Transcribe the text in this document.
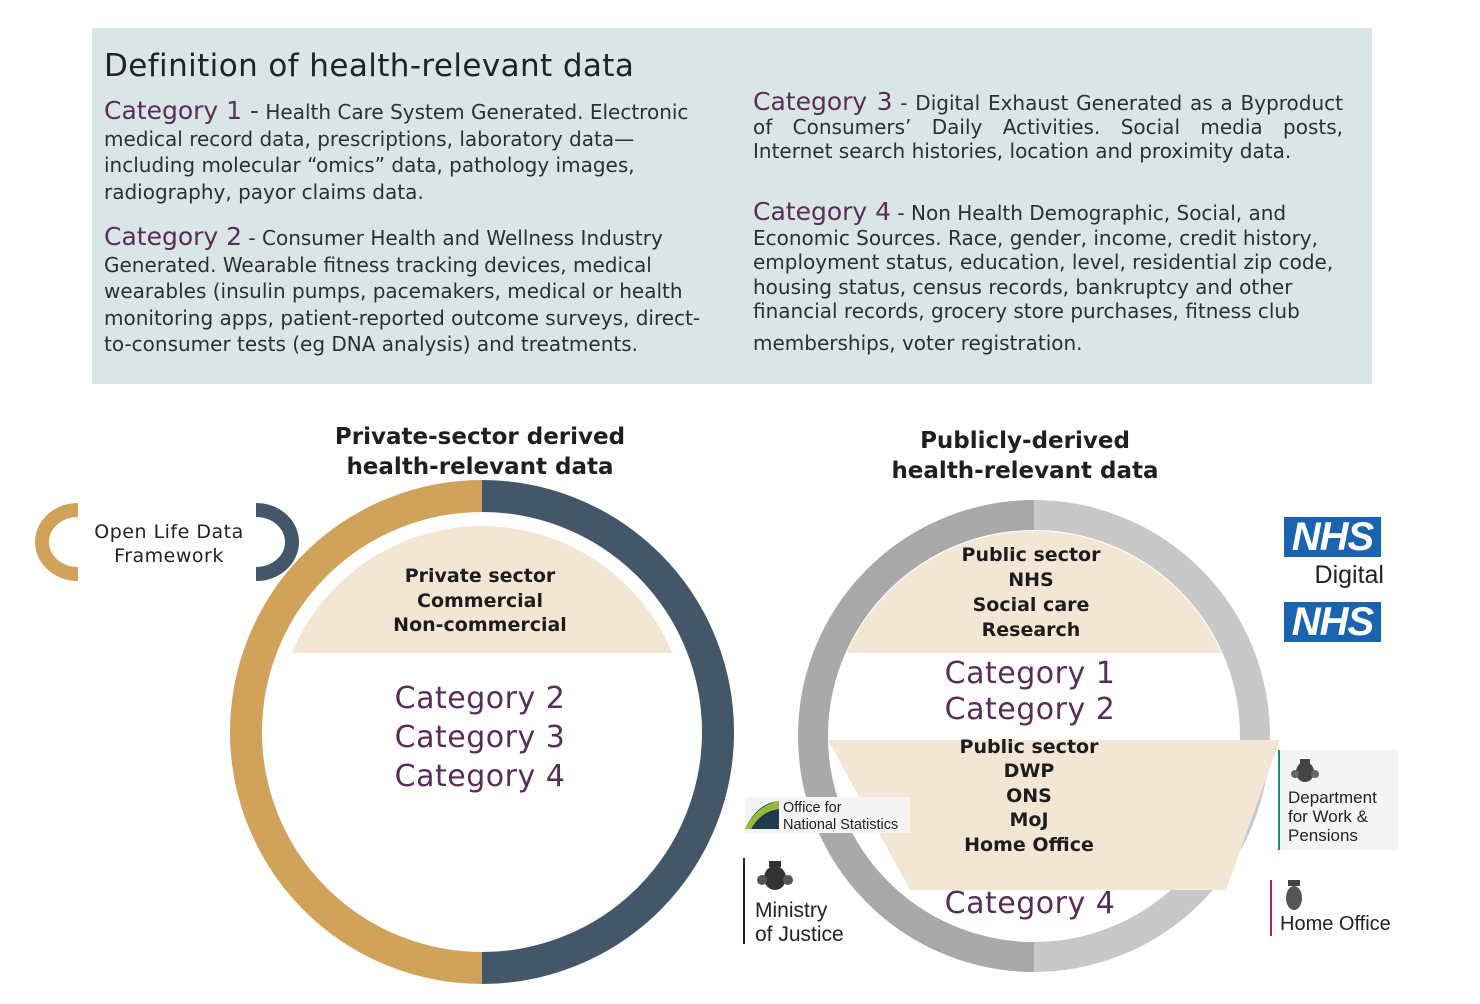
Definition of health-relevant data

Category 1 - Health Care System Generated. Electronic medical record data, prescriptions, laboratory data—including molecular “omics” data, pathology images, radiography, payor claims data.

Category 2 - Consumer Health and Wellness Industry Generated. Wearable fitness tracking devices, medical wearables (insulin pumps, pacemakers, medical or health monitoring apps, patient-reported outcome surveys, direct-to-consumer tests (eg DNA analysis) and treatments.

Category 3 - Digital Exhaust Generated as a Byproduct of Consumers’ Daily Activities. Social media posts, Internet search histories, location and proximity data.

Category 4 - Non Health Demographic, Social, and Economic Sources. Race, gender, income, credit history, employment status, education, level, residential zip code, housing status, census records, bankruptcy and other financial records, grocery store purchases, fitness club
memberships, voter registration.

Private-sector derived
health-relevant data
Publicly-derived
health-relevant data
Open Life Data
Framework
Private sector
Commercial
Non-commercial
Category 2
Category 3
Category 4
Public sector
NHS
Social care
Research
Category 1
Category 2
Public sector
DWP
ONS
MoJ
Home Office
Category 4
NHS
Digital
NHS
Department
for Work &
Pensions
Office for
National Statistics
Ministry
of Justice	Home Office
